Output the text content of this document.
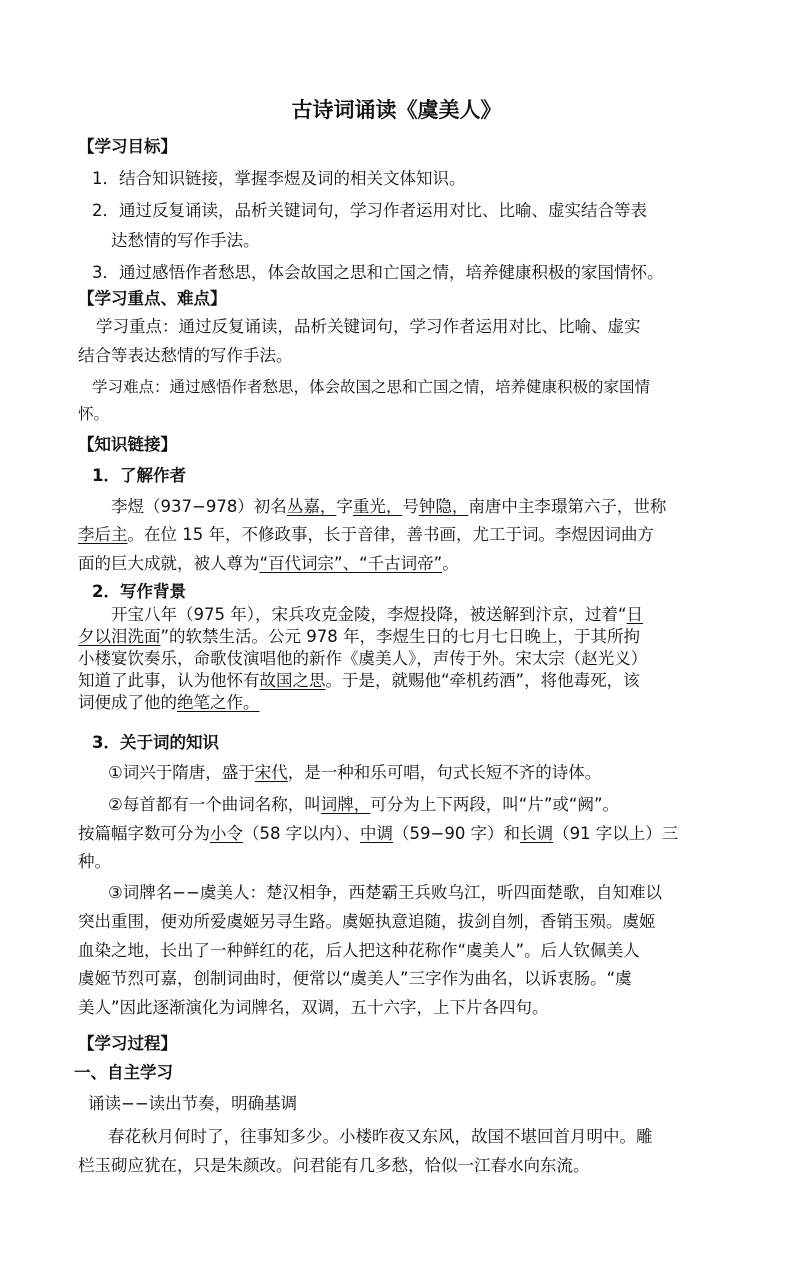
古诗词诵读《虞美人》
【学习目标】
1．结合知识链接，掌握李煜及词的相关文体知识。
2．通过反复诵读，品析关键词句，学习作者运用对比、比喻、虚实结合等表
达愁情的写作手法。
3．通过感悟作者愁思，体会故国之思和亡国之情，培养健康积极的家国情怀。
【学习重点、难点】
学习重点：通过反复诵读，品析关键词句，学习作者运用对比、比喻、虚实
结合等表达愁情的写作手法。
学习难点：通过感悟作者愁思，体会故国之思和亡国之情，培养健康积极的家国情
怀。
【知识链接】
1．了解作者
李煜（937−978）初名丛嘉，字重光，号钟隐，南唐中主李璟第六子，世称
李后主。在位 15 年，不修政事，长于音律，善书画，尤工于词。李煜因词曲方
面的巨大成就，被人尊为“百代词宗”、“千古词帝”。
2．写作背景
开宝八年（975 年），宋兵攻克金陵，李煜投降，被送解到汴京，过着“日
夕以泪洗面”的软禁生活。公元 978 年，李煜生日的七月七日晚上，于其所拘
小楼宴饮奏乐，命歌伎演唱他的新作《虞美人》，声传于外。宋太宗（赵光义）
知道了此事，认为他怀有故国之思。于是，就赐他“牵机药酒”，将他毒死，该
词便成了他的绝笔之作。
3．关于词的知识
①词兴于隋唐，盛于宋代，是一种和乐可唱，句式长短不齐的诗体。
②每首都有一个曲词名称，叫词牌，可分为上下两段，叫“片”或“阙”。
按篇幅字数可分为小令（58 字以内）、中调（59−90 字）和长调（91 字以上）三
种。
③词牌名−−虞美人：楚汉相争，西楚霸王兵败乌江，听四面楚歌，自知难以
突出重围，便劝所爱虞姬另寻生路。虞姬执意追随，拔剑自刎，香销玉殒。虞姬
血染之地，长出了一种鲜红的花，后人把这种花称作“虞美人”。后人钦佩美人
虞姬节烈可嘉，创制词曲时，便常以“虞美人”三字作为曲名，以诉衷肠。“虞
美人”因此逐渐演化为词牌名，双调，五十六字，上下片各四句。
【学习过程】
一、自主学习
诵读−−读出节奏，明确基调
春花秋月何时了，往事知多少。小楼昨夜又东风，故国不堪回首月明中。雕
栏玉砌应犹在，只是朱颜改。问君能有几多愁，恰似一江春水向东流。
